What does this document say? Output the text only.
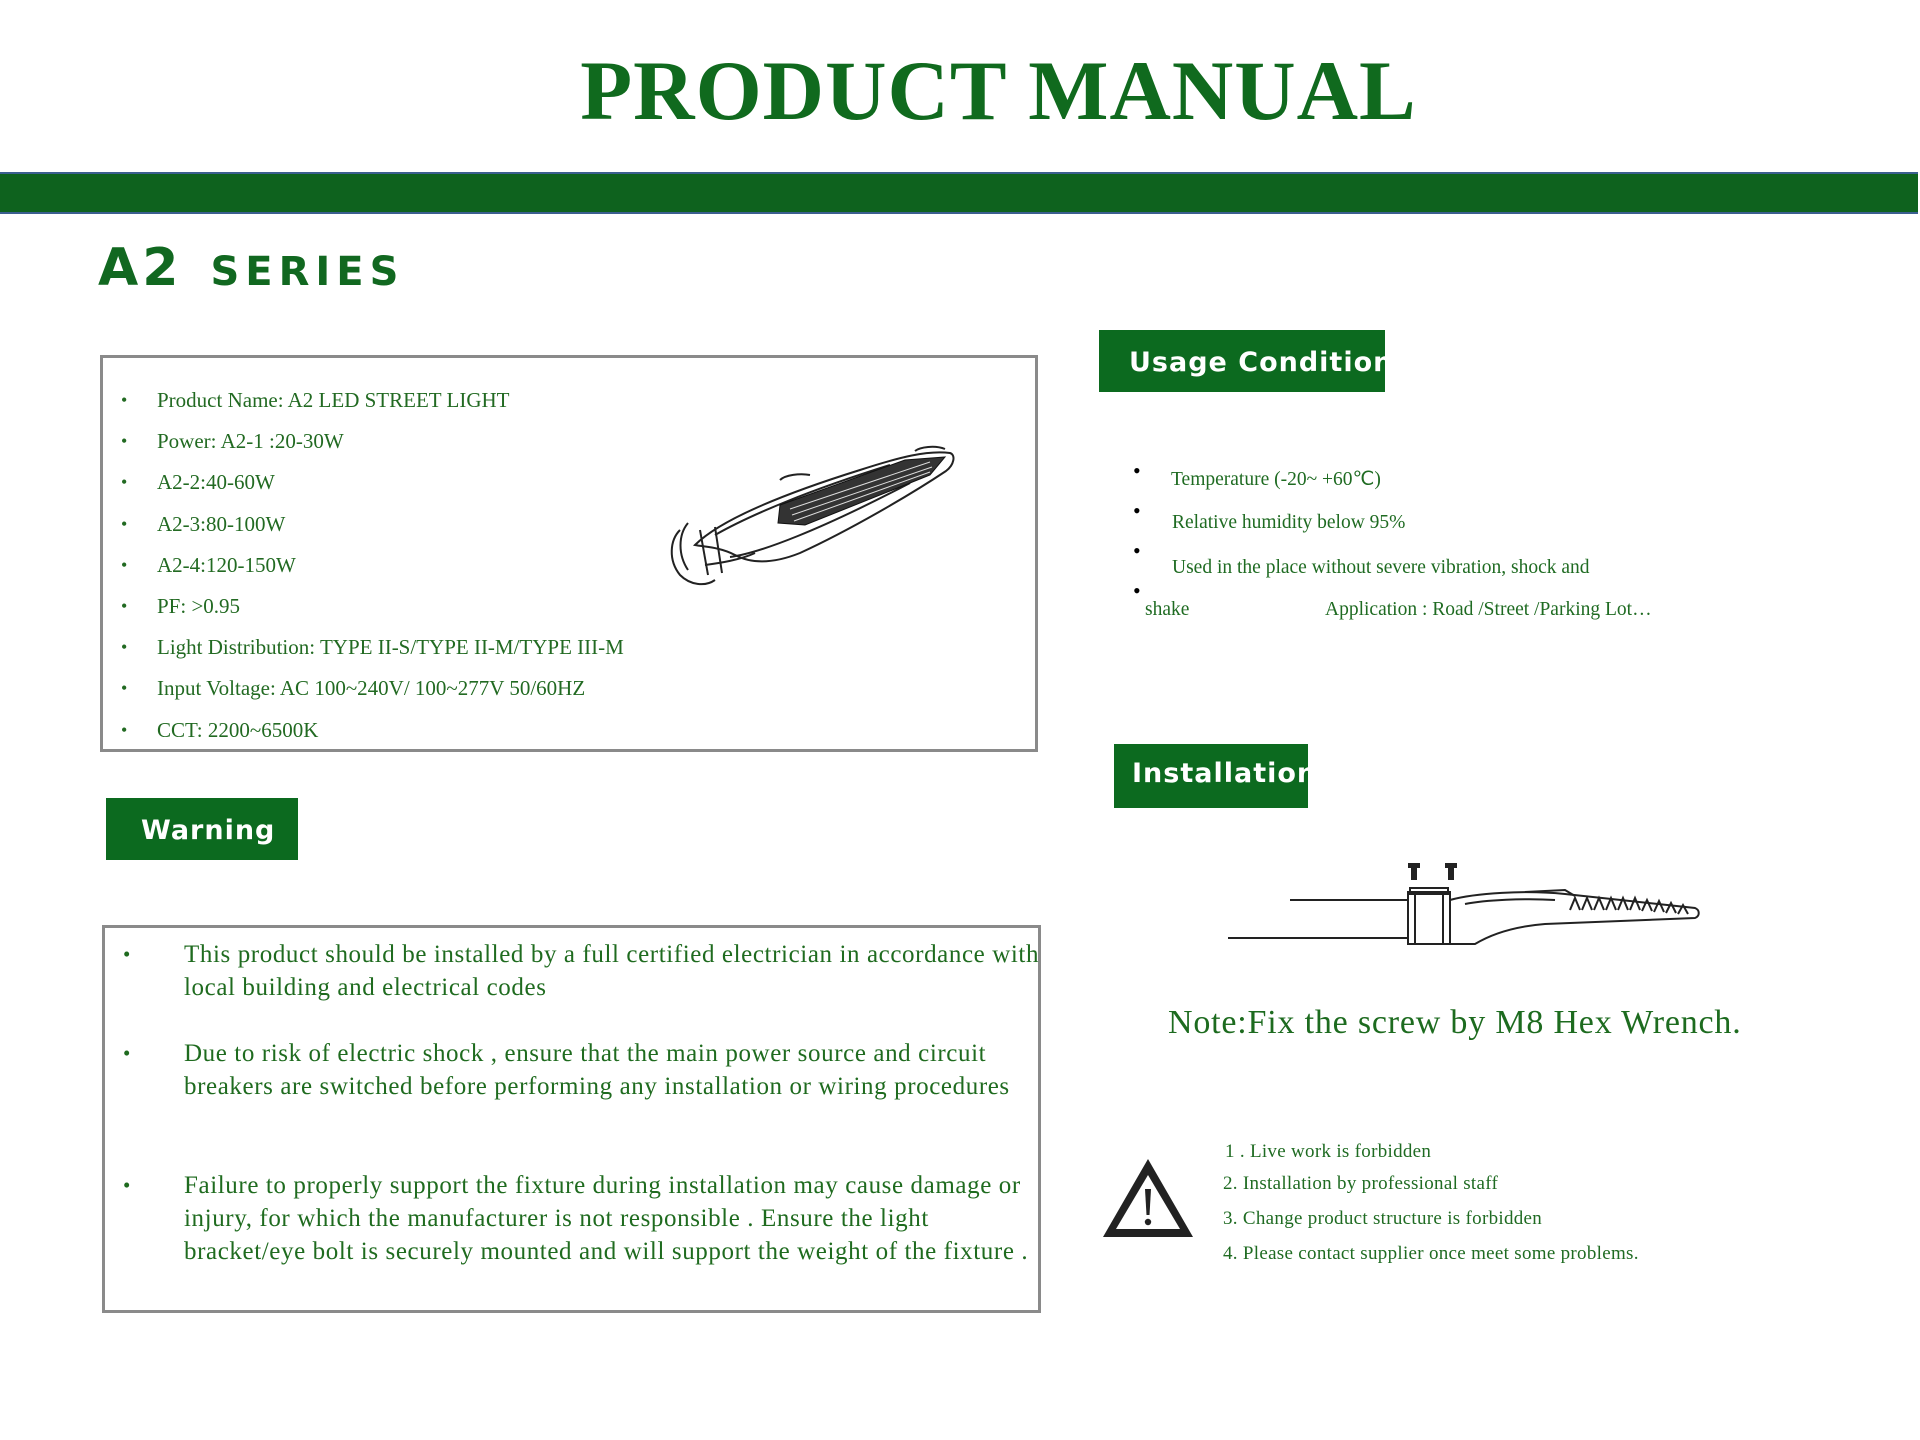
PRODUCT MANUAL
A2 SERIES
• Product Name: A2 LED STREET LIGHT
• Power: A2-1 :20-30W
• A2-2:40-60W
• A2-3:80-100W
• A2-4:120-150W
• PF: >0.95
• Light Distribution: TYPE II-S/TYPE II-M/TYPE III-M
• Input Voltage: AC 100~240V/ 100~277V 50/60HZ
• CCT: 2200~6500K
Usage Conditions
• Temperature (-20~ +60℃)
• Relative humidity below 95%
•
Used in the place without severe vibration, shock and
•
shake	Application : Road /Street /Parking Lot…
Installation
Note:Fix the screw by M8 Hex Wrench.
Warning
• This product should be installed by a full certified electrician in accordance with local building and electrical codes
• Due to risk of electric shock , ensure that the main power source and circuit breakers are switched before performing any installation or wiring procedures
• Failure to properly support the fixture during installation may cause damage or injury, for which the manufacturer is not responsible . Ensure the light bracket/eye bolt is securely mounted and will support the weight of the fixture .
1 . Live work is forbidden
2. Installation by professional staff
3. Change product structure is forbidden
4. Please contact supplier once meet some problems.
